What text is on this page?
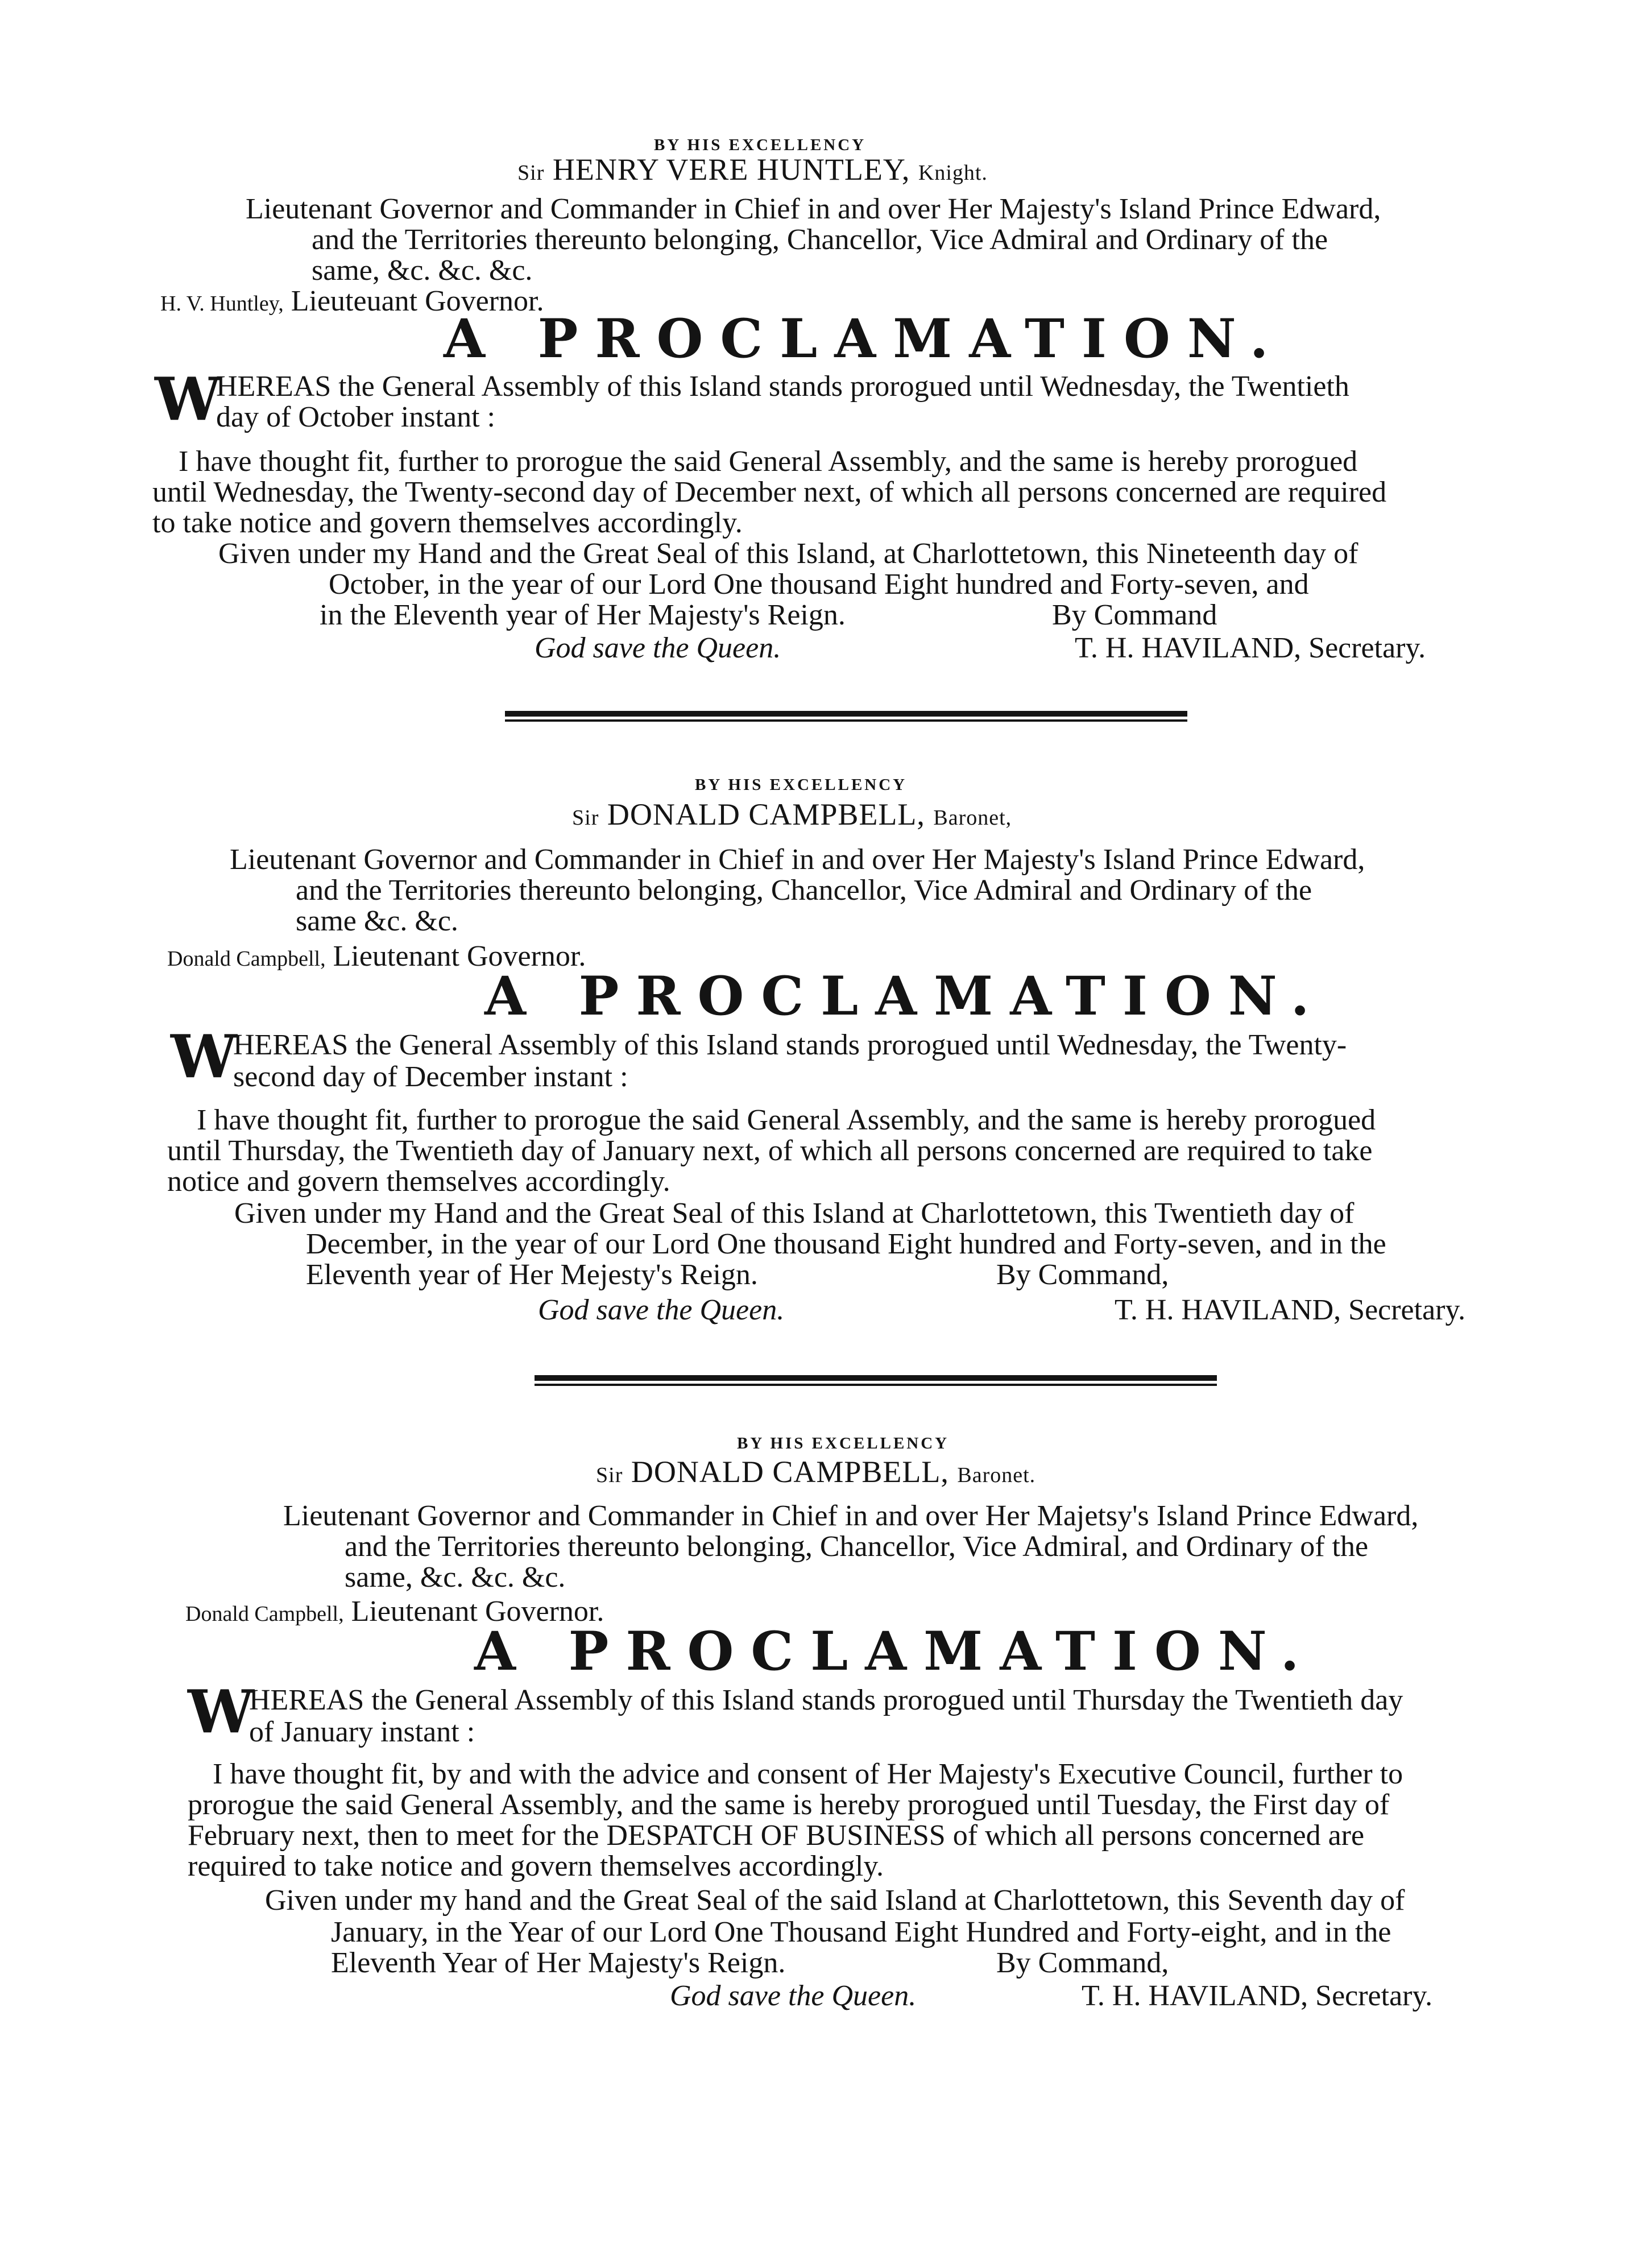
BY HIS EXCELLENCY
Sir HENRY VERE HUNTLEY, Knight.
Lieutenant Governor and Commander in Chief in and over Her Majesty's Island Prince Edward,
and the Territories thereunto belonging, Chancellor, Vice Admiral and Ordinary of the
same, &c. &c. &c.
H. V. Huntley, Lieuteuant Governor.
A PROCLAMATION.
W
HEREAS the General Assembly of this Island stands prorogued until Wednesday, the Twentieth
day of October instant :
I have thought fit, further to prorogue the said General Assembly, and the same is hereby prorogued
until Wednesday, the Twenty-second day of December next, of which all persons concerned are required
to take notice and govern themselves accordingly.
Given under my Hand and the Great Seal of this Island, at Charlottetown, this Nineteenth day of
October, in the year of our Lord One thousand Eight hundred and Forty-seven, and
in the Eleventh year of Her Majesty's Reign.	By Command
God save the Queen.	T. H. HAVILAND, Secretary.
BY HIS EXCELLENCY
Sir DONALD CAMPBELL, Baronet,
Lieutenant Governor and Commander in Chief in and over Her Majesty's Island Prince Edward,
and the Territories thereunto belonging, Chancellor, Vice Admiral and Ordinary of the
same &c. &c.
Donald Campbell, Lieutenant Governor.
A PROCLAMATION.
W
HEREAS the General Assembly of this Island stands prorogued until Wednesday, the Twenty-
second day of December instant :
I have thought fit, further to prorogue the said General Assembly, and the same is hereby prorogued
until Thursday, the Twentieth day of January next, of which all persons concerned are required to take
notice and govern themselves accordingly.
Given under my Hand and the Great Seal of this Island at Charlottetown, this Twentieth day of
December, in the year of our Lord One thousand Eight hundred and Forty-seven, and in the
Eleventh year of Her Mejesty's Reign.	By Command,
God save the Queen.	T. H. HAVILAND, Secretary.
BY HIS EXCELLENCY
Sir DONALD CAMPBELL, Baronet.
Lieutenant Governor and Commander in Chief in and over Her Majetsy's Island Prince Edward,
and the Territories thereunto belonging, Chancellor, Vice Admiral, and Ordinary of the
same, &c. &c. &c.
Donald Campbell, Lieutenant Governor.
A PROCLAMATION.
W
HEREAS the General Assembly of this Island stands prorogued until Thursday the Twentieth day
of January instant :
I have thought fit, by and with the advice and consent of Her Majesty's Executive Council, further to
prorogue the said General Assembly, and the same is hereby prorogued until Tuesday, the First day of
February next, then to meet for the DESPATCH OF BUSINESS of which all persons concerned are
required to take notice and govern themselves accordingly.
Given under my hand and the Great Seal of the said Island at Charlottetown, this Seventh day of
January, in the Year of our Lord One Thousand Eight Hundred and Forty-eight, and in the
Eleventh Year of Her Majesty's Reign.	By Command,
God save the Queen.	T. H. HAVILAND, Secretary.
